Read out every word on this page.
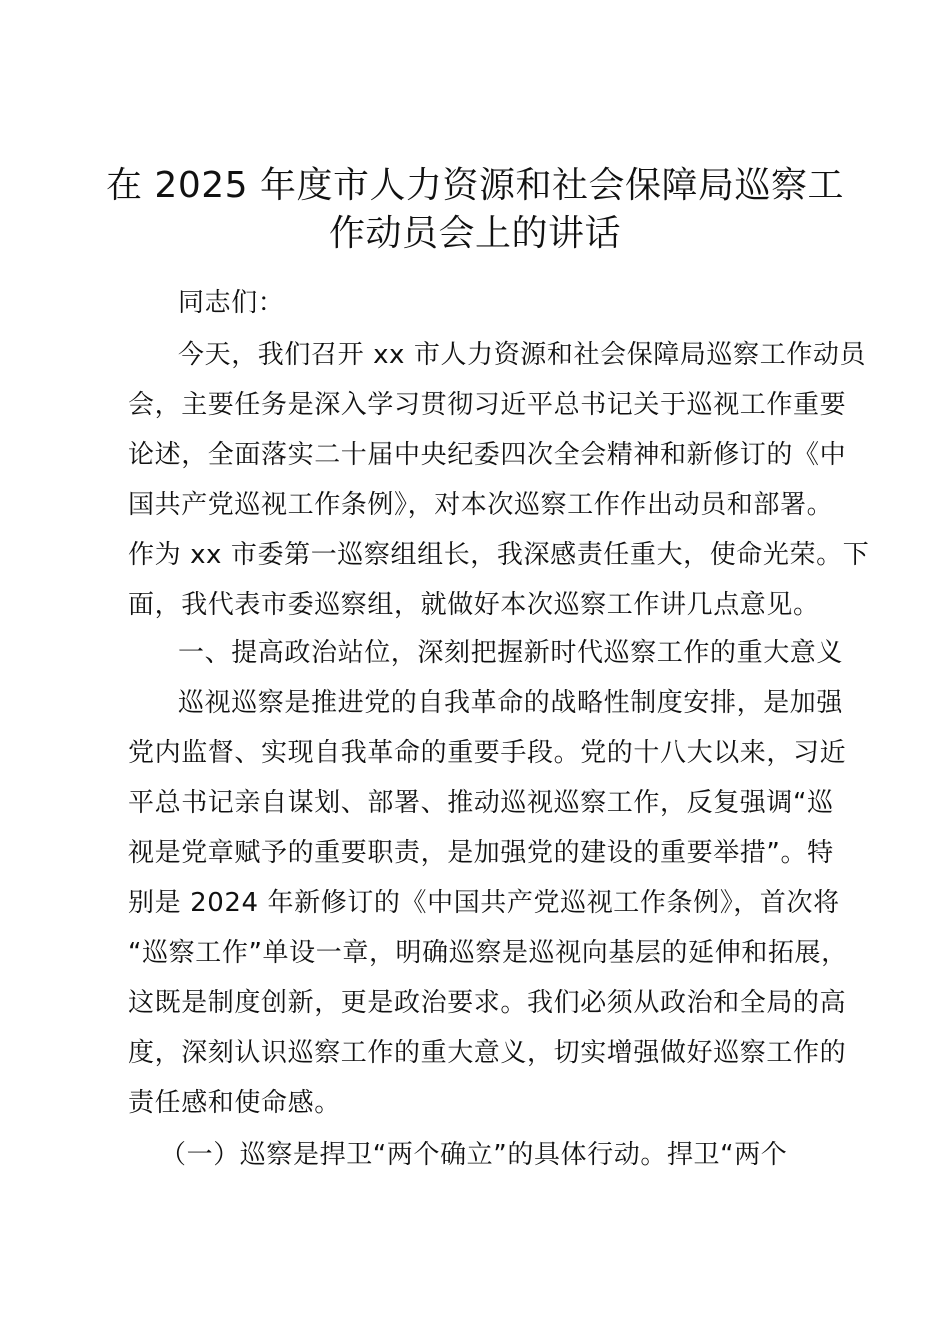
在 2025 年度市人力资源和社会保障局巡察工
作动员会上的讲话
同志们：
今天，我们召开 xx 市人力资源和社会保障局巡察工作动员
会，主要任务是深入学习贯彻习近平总书记关于巡视工作重要
论述，全面落实二十届中央纪委四次全会精神和新修订的《中
国共产党巡视工作条例》，对本次巡察工作作出动员和部署。
作为 xx 市委第一巡察组组长，我深感责任重大，使命光荣。下
面，我代表市委巡察组，就做好本次巡察工作讲几点意见。
一、提高政治站位，深刻把握新时代巡察工作的重大意义
巡视巡察是推进党的自我革命的战略性制度安排，是加强
党内监督、实现自我革命的重要手段。党的十八大以来，习近
平总书记亲自谋划、部署、推动巡视巡察工作，反复强调“巡
视是党章赋予的重要职责，是加强党的建设的重要举措”。特
别是 2024 年新修订的《中国共产党巡视工作条例》，首次将
“巡察工作”单设一章，明确巡察是巡视向基层的延伸和拓展，
这既是制度创新，更是政治要求。我们必须从政治和全局的高
度，深刻认识巡察工作的重大意义，切实增强做好巡察工作的
责任感和使命感。
（一）巡察是捍卫“两个确立”的具体行动。捍卫“两个
